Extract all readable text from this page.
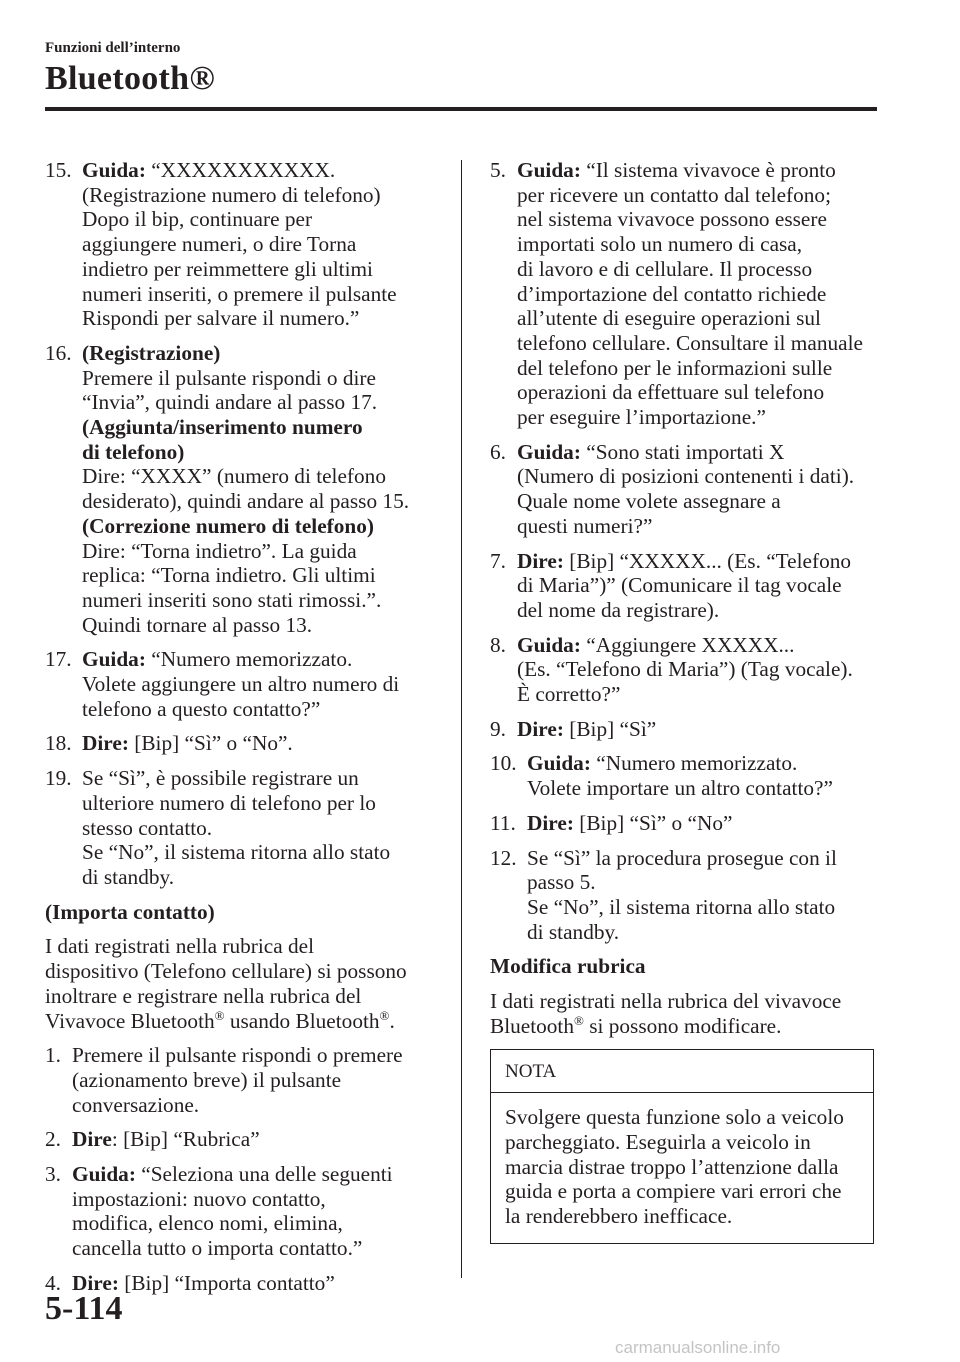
Funzioni dell’interno
Bluetooth®
15. Guida: “XXXXXXXXXXX.
(Registrazione numero di telefono)
Dopo il bip, continuare per
aggiungere numeri, o dire Torna
indietro per reimmettere gli ultimi
numeri inseriti, o premere il pulsante
Rispondi per salvare il numero.”
16. (Registrazione)
Premere il pulsante rispondi o dire
“Invia”, quindi andare al passo 17.
(Aggiunta/inserimento numero
di telefono)
Dire: “XXXX” (numero di telefono
desiderato), quindi andare al passo 15.
(Correzione numero di telefono)
Dire: “Torna indietro”. La guida
replica: “Torna indietro. Gli ultimi
numeri inseriti sono stati rimossi.”.
Quindi tornare al passo 13.
17. Guida: “Numero memorizzato.
Volete aggiungere un altro numero di
telefono a questo contatto?”
18. Dire: [Bip] “Sì” o “No”.
19. Se “Sì”, è possibile registrare un
ulteriore numero di telefono per lo
stesso contatto.
Se “No”, il sistema ritorna allo stato
di standby.
(Importa contatto)
I dati registrati nella rubrica del
dispositivo (Telefono cellulare) si possono
inoltrare e registrare nella rubrica del
Vivavoce Bluetooth® usando Bluetooth®.
1. Premere il pulsante rispondi o premere
(azionamento breve) il pulsante
conversazione.
2. Dire: [Bip] “Rubrica”
3. Guida: “Seleziona una delle seguenti
impostazioni: nuovo contatto,
modifica, elenco nomi, elimina,
cancella tutto o importa contatto.”
4. Dire: [Bip] “Importa contatto”
5. Guida: “Il sistema vivavoce è pronto
per ricevere un contatto dal telefono;
nel sistema vivavoce possono essere
importati solo un numero di casa,
di lavoro e di cellulare. Il processo
d’importazione del contatto richiede
all’utente di eseguire operazioni sul
telefono cellulare. Consultare il manuale
del telefono per le informazioni sulle
operazioni da effettuare sul telefono
per eseguire l’importazione.”
6. Guida: “Sono stati importati X
(Numero di posizioni contenenti i dati).
Quale nome volete assegnare a
questi numeri?”
7. Dire: [Bip] “XXXXX... (Es. “Telefono
di Maria”)” (Comunicare il tag vocale
del nome da registrare).
8. Guida: “Aggiungere XXXXX...
(Es. “Telefono di Maria”) (Tag vocale).
È corretto?”
9. Dire: [Bip] “Sì”
10. Guida: “Numero memorizzato.
Volete importare un altro contatto?”
11. Dire: [Bip] “Sì” o “No”
12. Se “Sì” la procedura prosegue con il
passo 5.
Se “No”, il sistema ritorna allo stato
di standby.
Modifica rubrica
I dati registrati nella rubrica del vivavoce
Bluetooth® si possono modificare.
NOTA
Svolgere questa funzione solo a veicolo
parcheggiato. Eseguirla a veicolo in
marcia distrae troppo l’attenzione dalla
guida e porta a compiere vari errori che
la renderebbero inefficace.
5-114
carmanualsonline.info
